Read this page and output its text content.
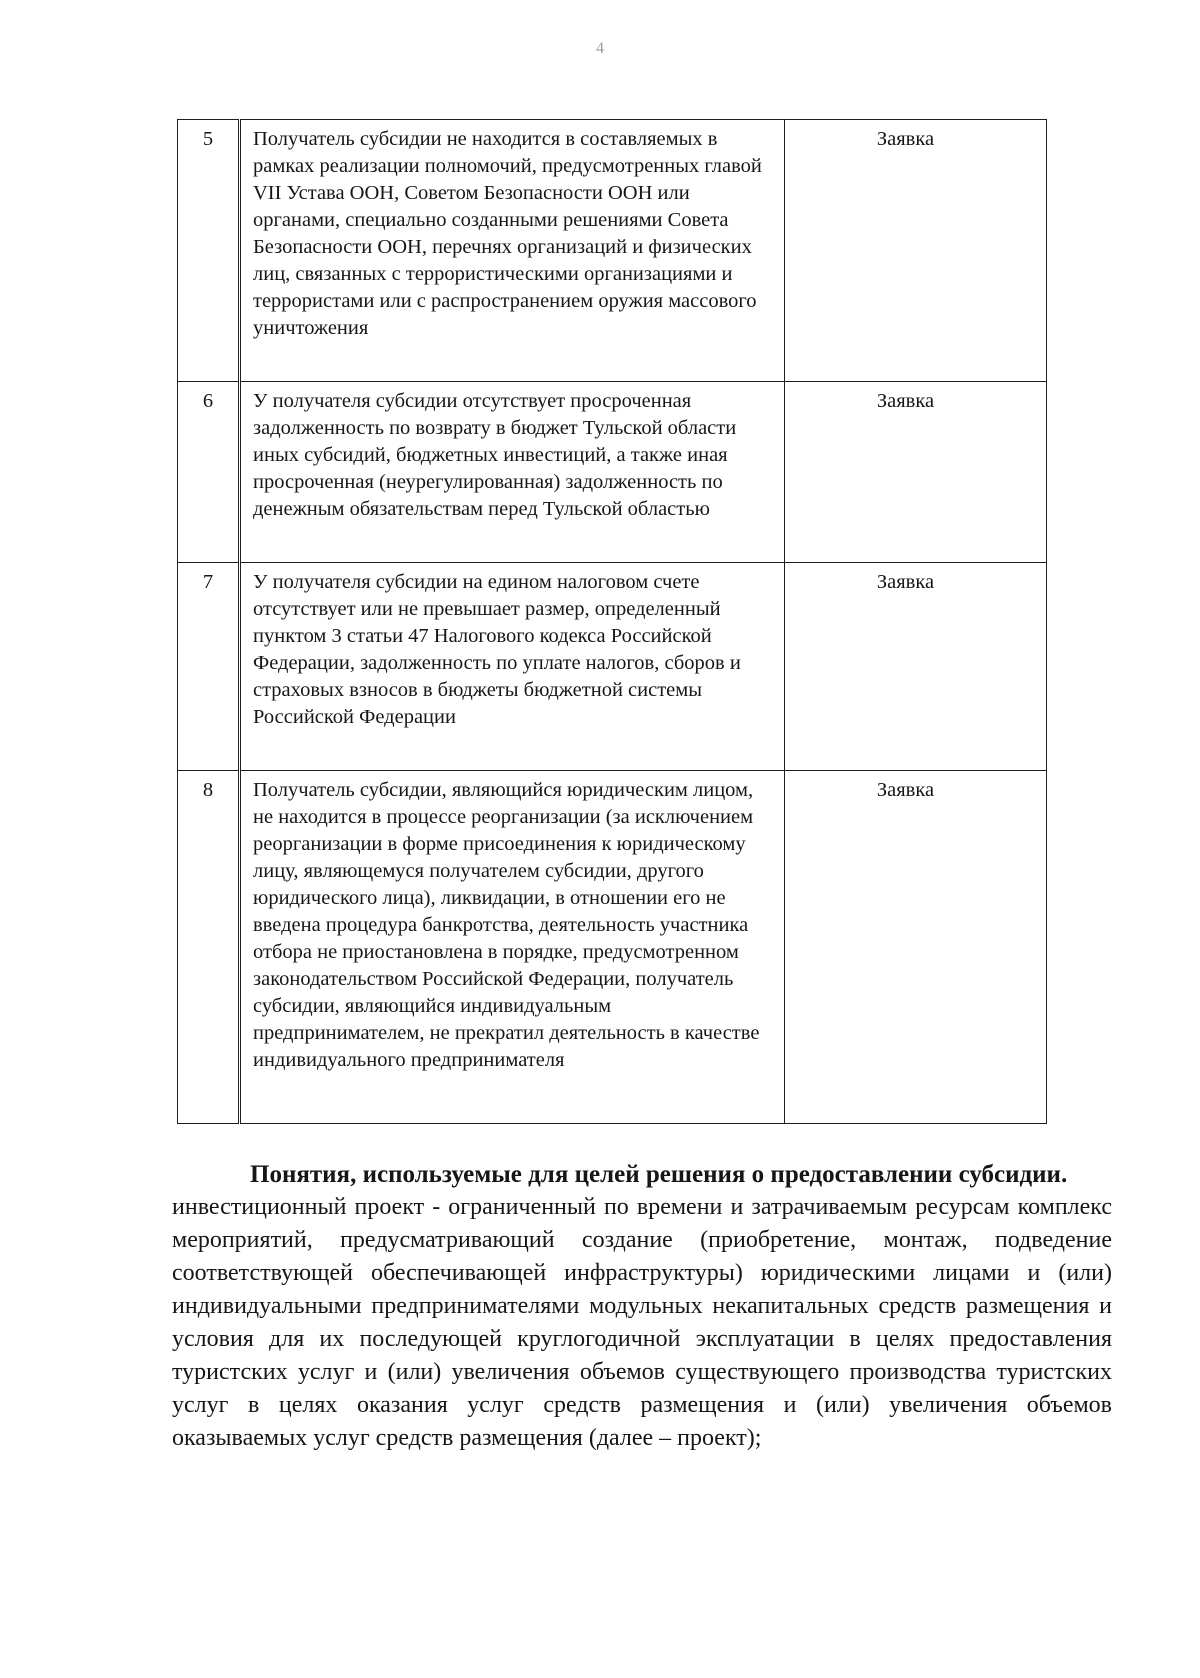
4
5	Получатель субсидии не находится в составляемых в рамках реализации полномочий, предусмотренных главой VII Устава ООН, Советом Безопасности ООН или органами, специально созданными решениями Совета Безопасности ООН, перечнях организаций и физических лиц, связанных с террористическими организациями и террористами или с распространением оружия массового уничтожения	Заявка
6	У получателя субсидии отсутствует просроченная задолженность по возврату в бюджет Тульской области иных субсидий, бюджетных инвестиций, а также иная просроченная (неурегулированная) задолженность по денежным обязательствам перед Тульской областью	Заявка
7	У получателя субсидии на едином налоговом счете отсутствует или не превышает размер, определенный пунктом 3 статьи 47 Налогового кодекса Российской Федерации, задолженность по уплате налогов, сборов и страховых взносов в бюджеты бюджетной системы Российской Федерации	Заявка
8	Получатель субсидии, являющийся юридическим лицом, не находится в процессе реорганизации (за исключением реорганизации в форме присоединения к юридическому лицу, являющемуся получателем субсидии, другого юридического лица), ликвидации, в отношении его не введена процедура банкротства, деятельность участника отбора не приостановлена в порядке, предусмотренном законодательством Российской Федерации, получатель субсидии, являющийся индивидуальным предпринимателем, не прекратил деятельность в качестве индивидуального предпринимателя	Заявка

Понятия, используемые для целей решения о предоставлении субсидии.

инвестиционный проект - ограниченный по времени и затрачиваемым ресурсам комплекс мероприятий, предусматривающий создание (приобретение, монтаж, подведение соответствующей обеспечивающей инфраструктуры) юридическими лицами и (или) индивидуальными предпринимателями модульных некапитальных средств размещения и условия для их последующей круглогодичной эксплуатации в целях предоставления туристских услуг и (или) увеличения объемов существующего производства туристских услуг в целях оказания услуг средств размещения и (или) увеличения объемов оказываемых услуг средств размещения (далее – проект);
